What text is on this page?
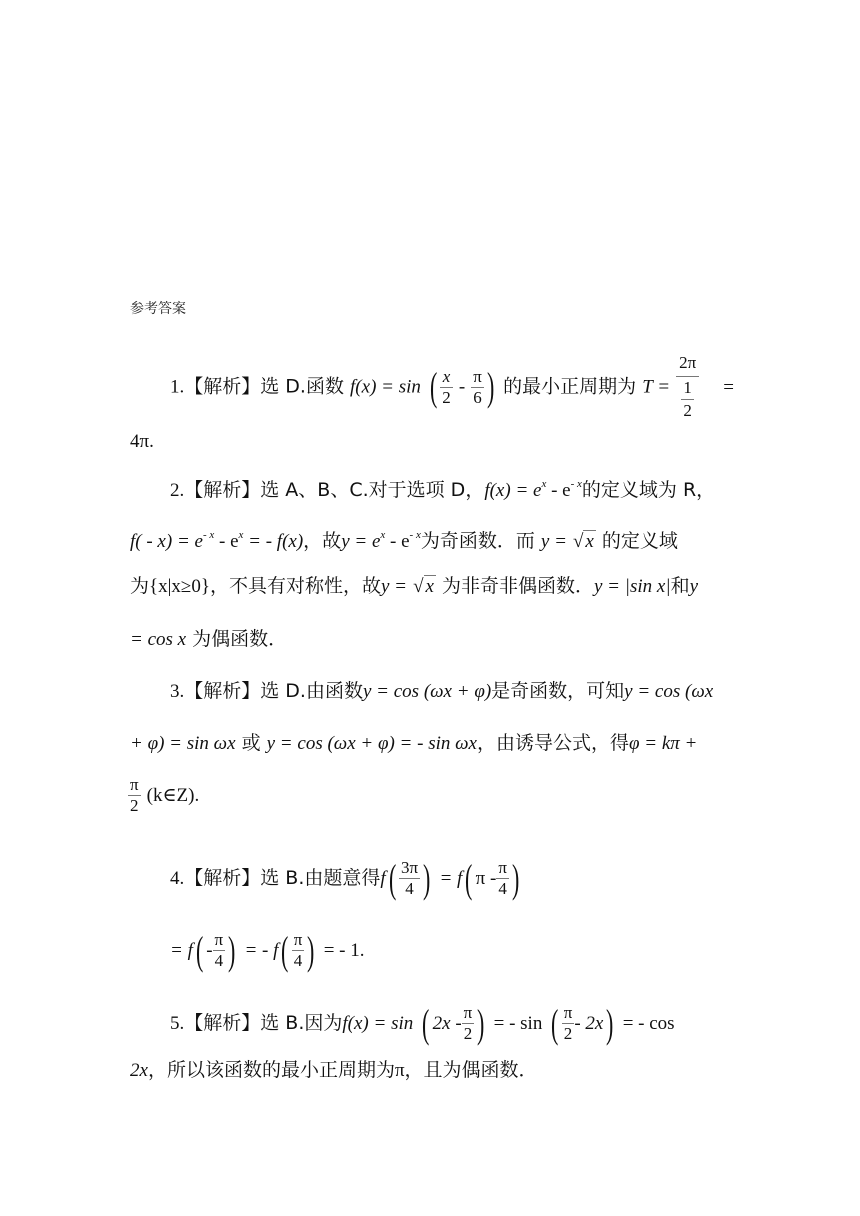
参考答案
1.【解析】选 D.函数 f(x) = sin ( $\frac{x}{2} - \frac{\pi}{6}$ ) 的最小正周期为 $T = \frac{2\pi}{\frac{1}{2}}$ =
4π.
2.【解析】选 A、B、C.对于选项 D，$f(x) = e^x - e^{- x}$的定义域为 R，
$f( - x) = e^{- x} - e^x$ = - f(x)，故$y = e^x - e^{- x}$为奇函数．而 y = √ x 的定义域
为{x|x≥0}，不具有对称性，故y = √ x 为非奇非偶函数．y = |sin x|和y
= cos x 为偶函数．
3.【解析】选 D.由函数y = cos (ωx + φ)是奇函数，可知y = cos (ωx
+ φ) = sin ωx 或 y = cos (ωx + φ) = - sin ωx，由诱导公式，得φ = kπ +
$\frac{\pi}{2}$ (k∈Z).
4.【解析】选 B.由题意得$f( \frac{3\pi}{4}$ ) = f( π - $\frac{\pi}{4}$ )
= $f( - \frac{\pi}{4}$ ) = - $f( \frac{\pi}{4}$ ) = - 1.
5.【解析】选 B.因为f(x) = sin ( $2x - \frac{\pi}{2}$ ) = - sin ( $\frac{\pi}{2} - 2x$) = - cos
2x，所以该函数的最小正周期为π，且为偶函数．
